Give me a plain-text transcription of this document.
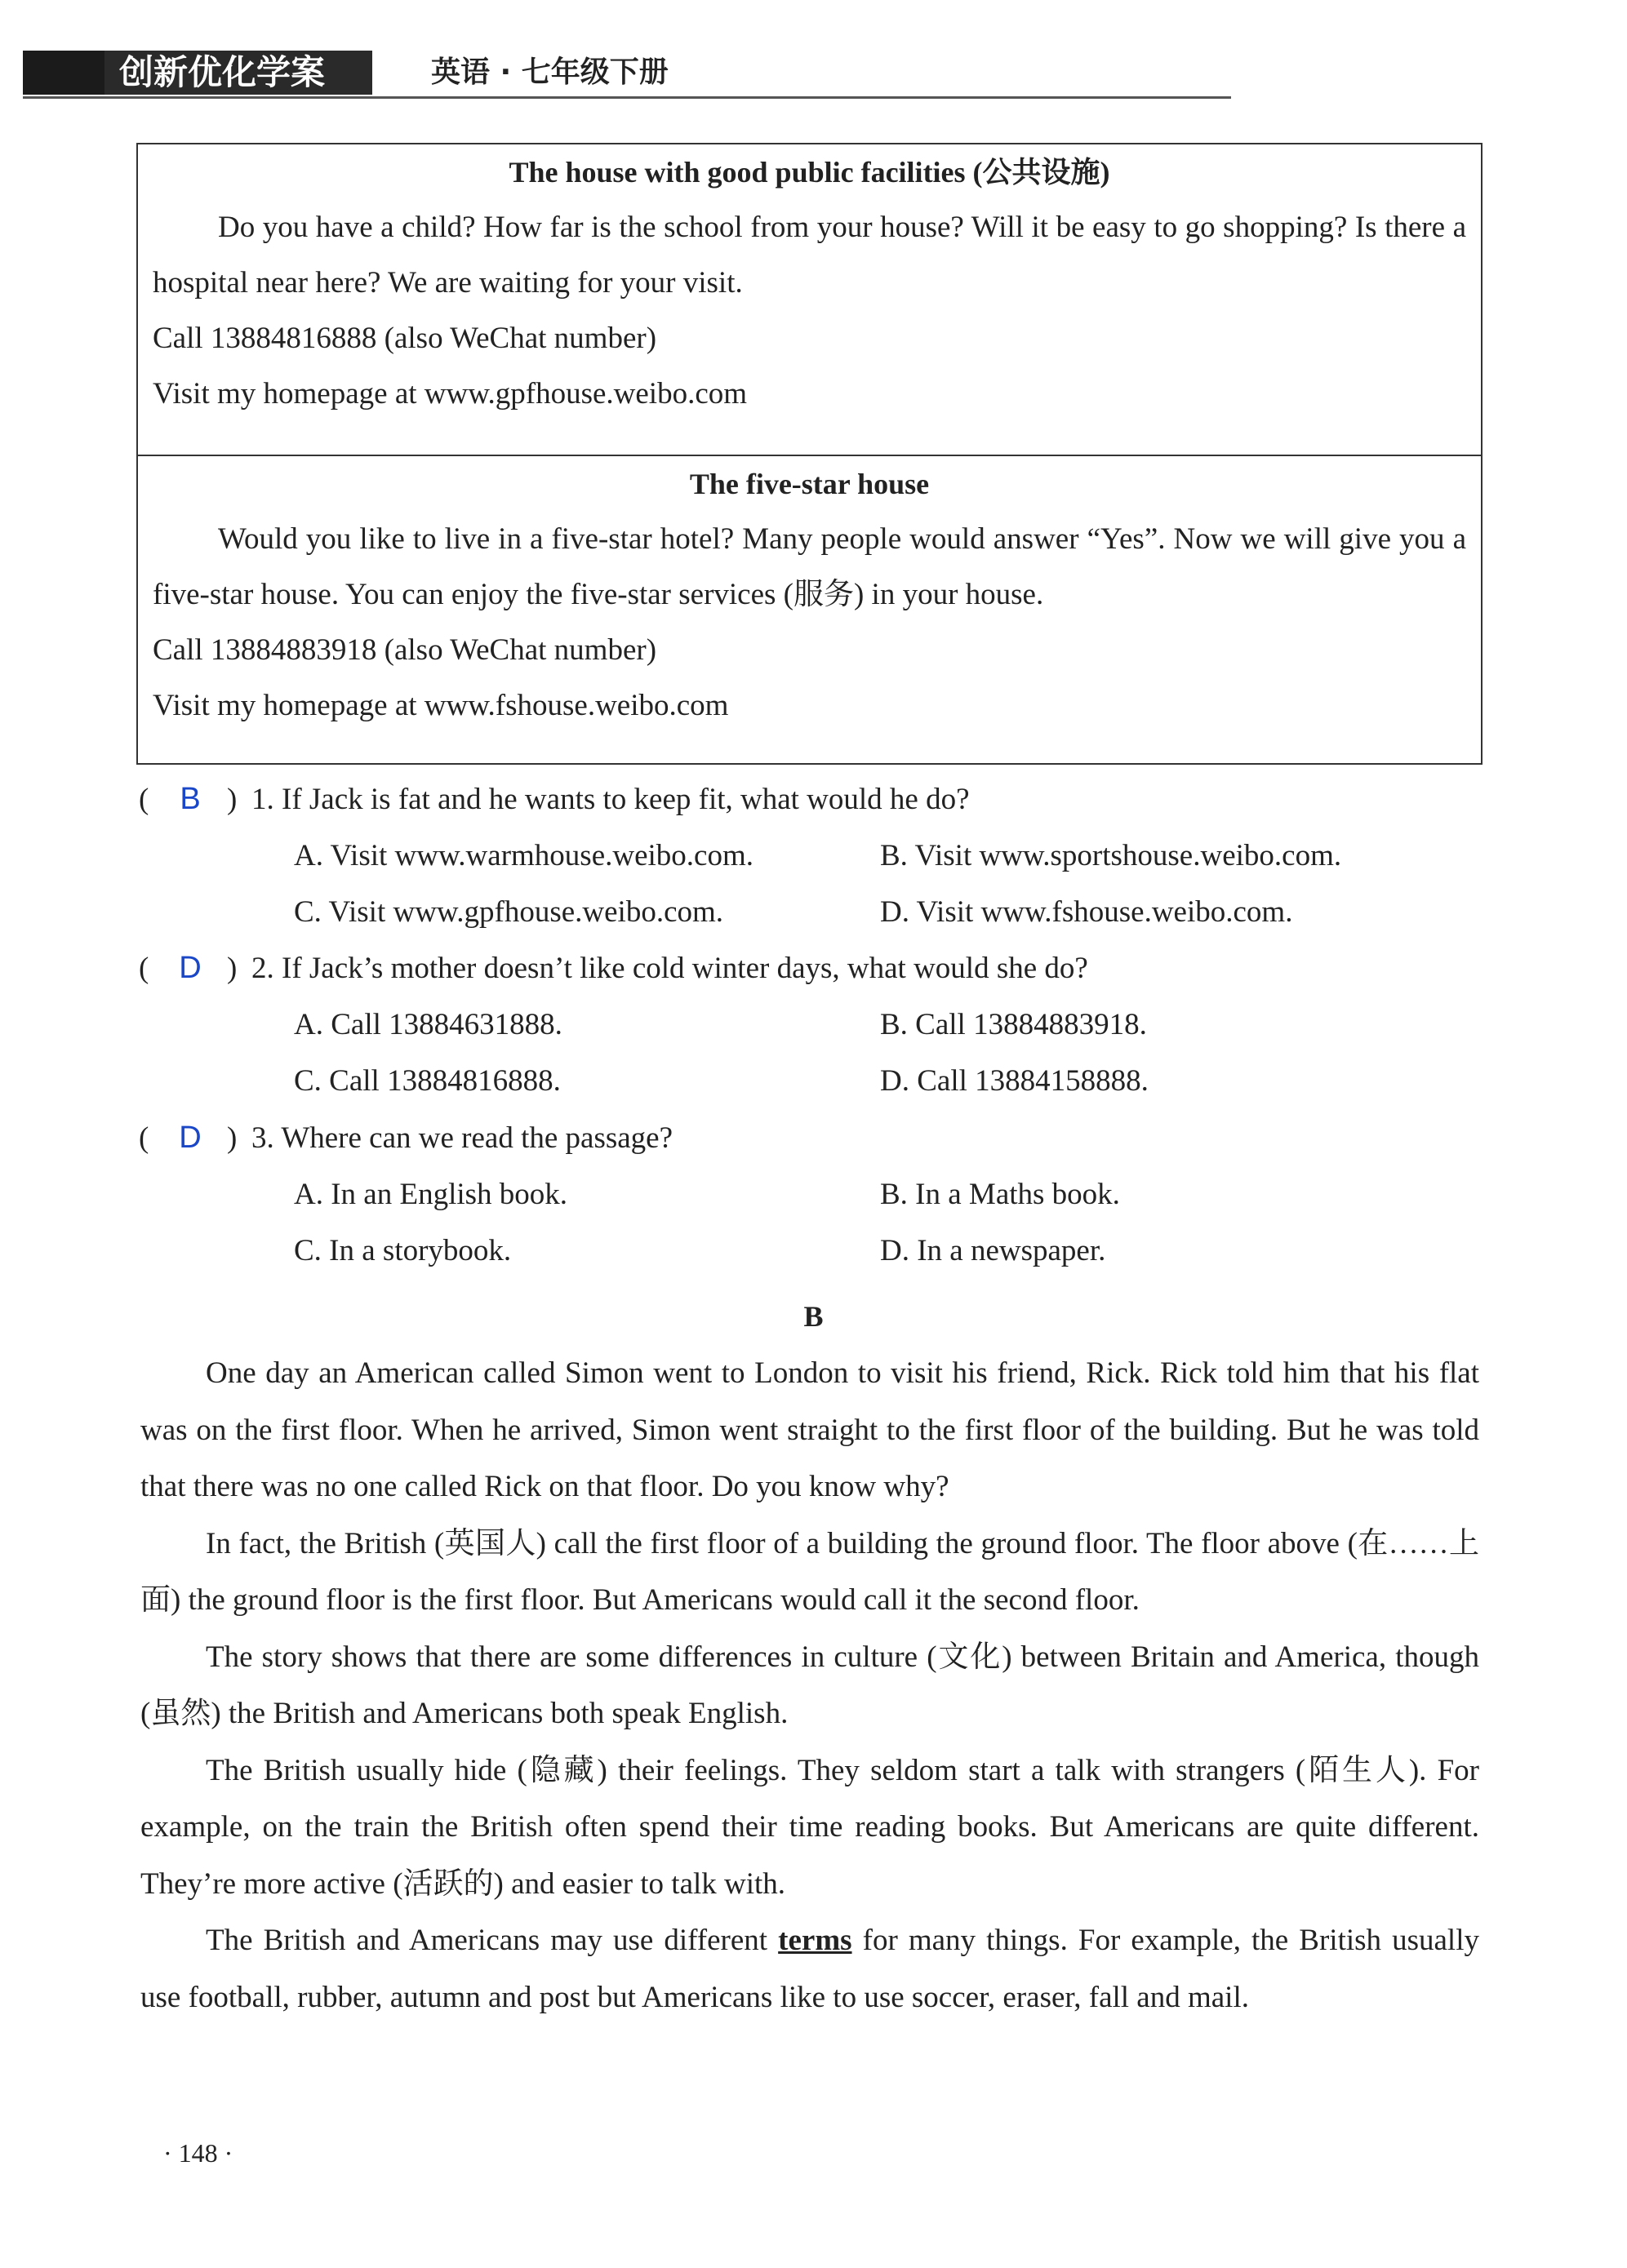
创新优化学案	英语 · 七年级下册
The house with good public facilities (公共设施)

Do you have a child? How far is the school from your house? Will it be easy to go shopping? Is there a hospital near here? We are waiting for your visit.

Call 13884816888 (also WeChat number)

Visit my homepage at www.gpfhouse.weibo.com

The five-star house

Would you like to live in a five-star hotel? Many people would answer “Yes”. Now we will give you a five-star house. You can enjoy the five-star services (服务) in your house.

Call 13884883918 (also WeChat number)

Visit my homepage at www.fshouse.weibo.com

( B ) 1. If Jack is fat and he wants to keep fit, what would he do?
A. Visit www.warmhouse.weibo.com.	B. Visit www.sportshouse.weibo.com.
C. Visit www.gpfhouse.weibo.com.	D. Visit www.fshouse.weibo.com.
( D ) 2. If Jack’s mother doesn’t like cold winter days, what would she do?
A. Call 13884631888.	B. Call 13884883918.
C. Call 13884816888.	D. Call 13884158888.
( D ) 3. Where can we read the passage?
A. In an English book.	B. In a Maths book.
C. In a storybook.	D. In a newspaper.
B

One day an American called Simon went to London to visit his friend, Rick. Rick told him that his flat was on the first floor. When he arrived, Simon went straight to the first floor of the building. But he was told that there was no one called Rick on that floor. Do you know why?

In fact, the British (英国人) call the first floor of a building the ground floor. The floor above (在……上面) the ground floor is the first floor. But Americans would call it the second floor.

The story shows that there are some differences in culture (文化) between Britain and America, though (虽然) the British and Americans both speak English.

The British usually hide (隐藏) their feelings. They seldom start a talk with strangers (陌生人). For example, on the train the British often spend their time reading books. But Americans are quite different. They’re more active (活跃的) and easier to talk with.

The British and Americans may use different terms for many things. For example, the British usually use football, rubber, autumn and post but Americans like to use soccer, eraser, fall and mail.

· 148 ·
